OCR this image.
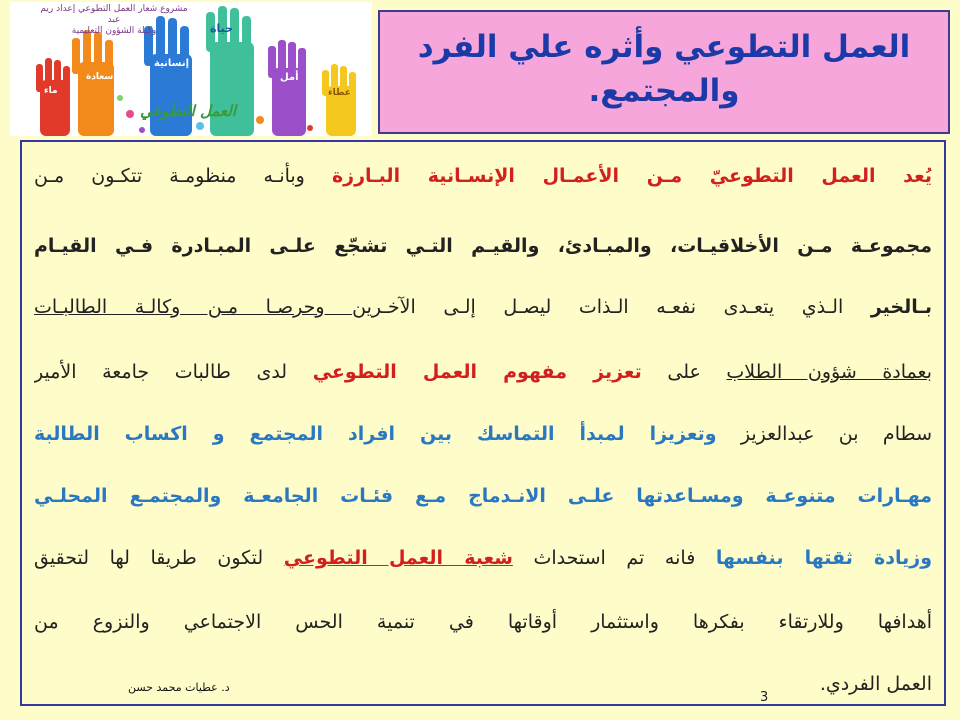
مشروع شعار العمل التطوعي إعداد ريم عبد
وكيلة الشؤون التعليمية	حياة
إنسانية
أمل
سعادة
عطاء
ماء
العمل التطوعي
العمل التطوعي وأثره علي الفرد
والمجتمع.
يُعد العمل التطوعيّ مـن الأعمـال الإنسـانية البـارزة وبأنـه منظومـة تتكـون مـن
مجموعـة مـن الأخلاقيـات، والمبـادئ، والقيـم التـي تشجّع علـى المبـادرة فـي القيـام
بـالخير الـذي يتعـدى نفعـه الـذات ليصـل إلـى الآخـرين وحرصـا مـن وكالـة الطالبـات
بعمادة شؤون الطلاب على تعزيز مفهوم العمل التطوعي لدى طالبات جامعة الأمير
سطام بن عبدالعزيز وتعزيزا لمبدأ التماسك بين افراد المجتمع و اكساب الطالبة
مهـارات متنوعـة ومسـاعدتها علـى الانـدماج مـع فئـات الجامعـة والمجتمـع المحلـي
وزيادة ثقتها بنفسها فانه تم استحداث شعبة العمل التطوعي لتكون طريقا لها لتحقيق
أهدافها وللارتقاء بفكرها واستثمار أوقاتها في تنمية الحس الاجتماعي والنزوع من
العمل الفردي.
د. عطيات محمد حسن
3
